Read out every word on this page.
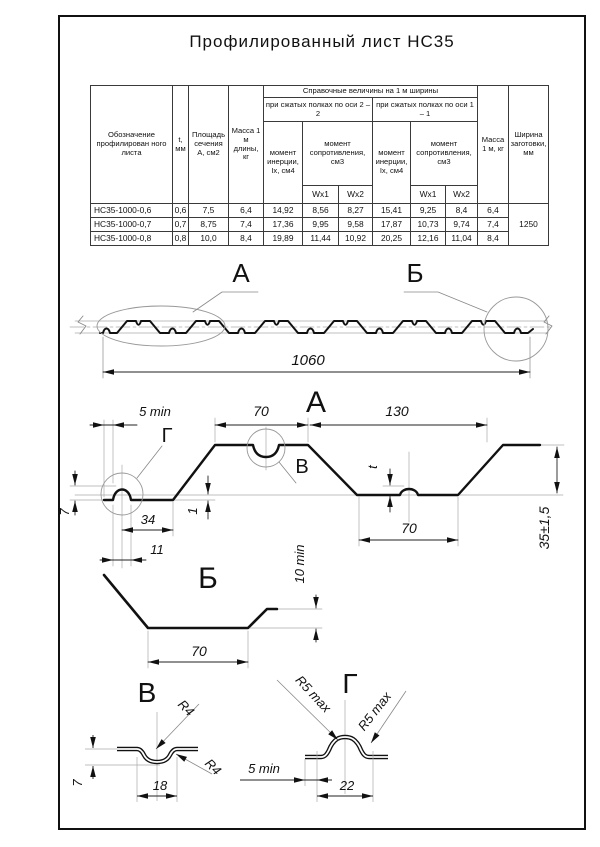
Профилированный лист НС35
Обозначение профилирован ного листа	t, мм	Площадь сечения А, см2	Масса 1 м длины, кг	Справочные величины на 1 м ширины						Масса 1 м, кг	Ширина заготовки, мм
				при сжатых полках по оси 2 – 2			при сжатых полках по оси 1 – 1				
				момент инерции, Ix, см4	момент сопротивления, см3		момент инерции, Ix, см4	момент сопротивления, см3			
					Wx1	Wx2		Wx1	Wx2		
НС35-1000-0,6	0,6	7,5	6,4	14,92	8,56	8,27	15,41	9,25	8,4	6,4	1250
НС35-1000-0,7	0,7	8,75	7,4	17,36	9,95	9,58	17,87	10,73	9,74	7,4	
НС35-1000-0,8	0,8	10,0	8,4	19,89	11,44	10,92	20,25	12,16	11,04	8,4	
А	Б
1060
А
Г
В
5 min	70	130
7	34
1
t
11
70	35±1,5
Б	10 min
70
В R4
R4
7	18
Г
R5 max R5 max
5 min
22
